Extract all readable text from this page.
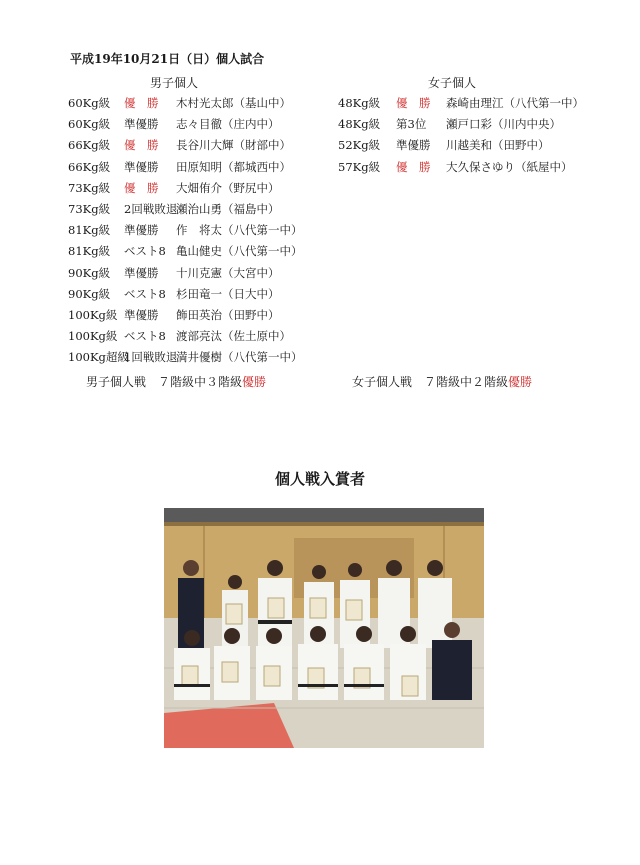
平成19年10月21日（日）個人試合
男子個人	女子個人
60Kg級 優　勝 木村光太郎（基山中）
60Kg級 準優勝 志々目徹（庄内中）
66Kg級 優　勝 長谷川大輝（財部中）
66Kg級 準優勝 田原知明（都城西中）
73Kg級 優　勝 大畑侑介（野尻中）
73Kg級 2回戦敗退
瀬治山勇（福島中）
81Kg級 準優勝 作　将太（八代第一中）
81Kg級 ベスト8 亀山健史（八代第一中）
90Kg級 準優勝 十川克憲（大宮中）
90Kg級 ベスト8 杉田竜一（日大中）
100Kg級 準優勝 飾田英治（田野中）
100Kg級 ベスト8 渡部亮汰（佐土原中）
100Kg超級
1回戦敗退
満井優樹（八代第一中）
48Kg級 優　勝 森崎由理江（八代第一中）
48Kg級 第3位 瀬戸口彩（川内中央）
52Kg級 準優勝 川越美和（田野中）
57Kg級 優　勝 大久保さゆり（紙屋中）
男子個人戦　７階級中３階級優勝	女子個人戦　７階級中２階級優勝
個人戦入賞者
